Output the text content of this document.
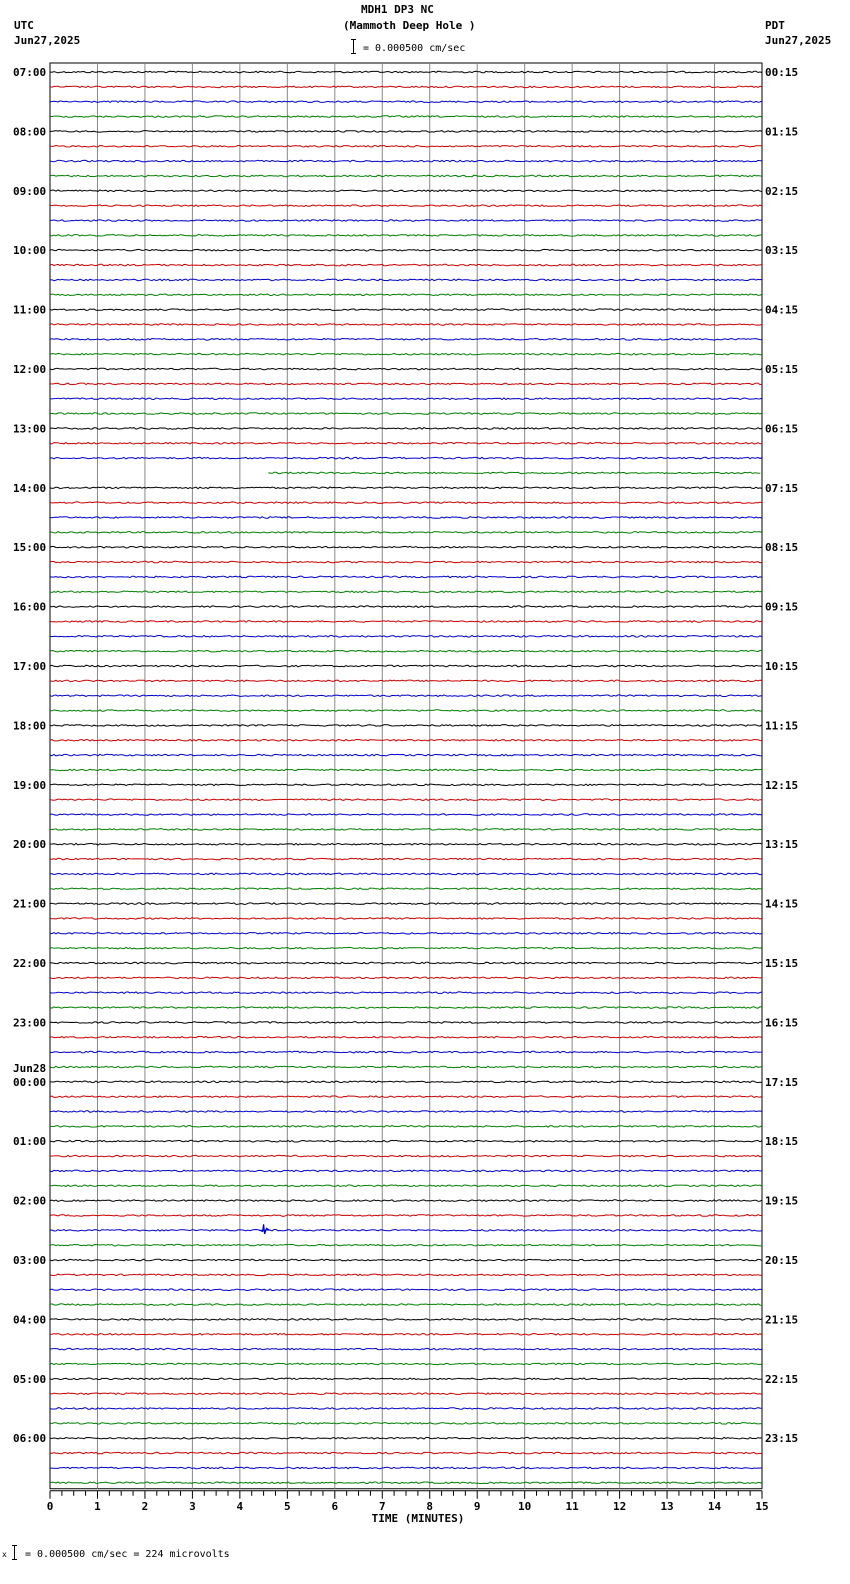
MDH1 DP3 NC
(Mammoth Deep Hole )
UTC
Jun27,2025
PDT
Jun27,2025
= 0.000500 cm/sec
07:00
08:00
09:00
10:00
11:00
12:00
13:00
14:00
15:00
16:00
17:00
18:00
19:00
20:00
21:00
22:00
23:00
00:00
Jun28
01:00
02:00
03:00
04:00
05:00
06:00
00:15
01:15
02:15
03:15
04:15
05:15
06:15
07:15
08:15
09:15
10:15
11:15
12:15
13:15
14:15
15:15
16:15
17:15
18:15
19:15
20:15
21:15
22:15
23:15
0	1	2	3	4	5	6	7	8	9	10	11	12	13	14	15
TIME (MINUTES)
x = 0.000500 cm/sec = 224 microvolts
